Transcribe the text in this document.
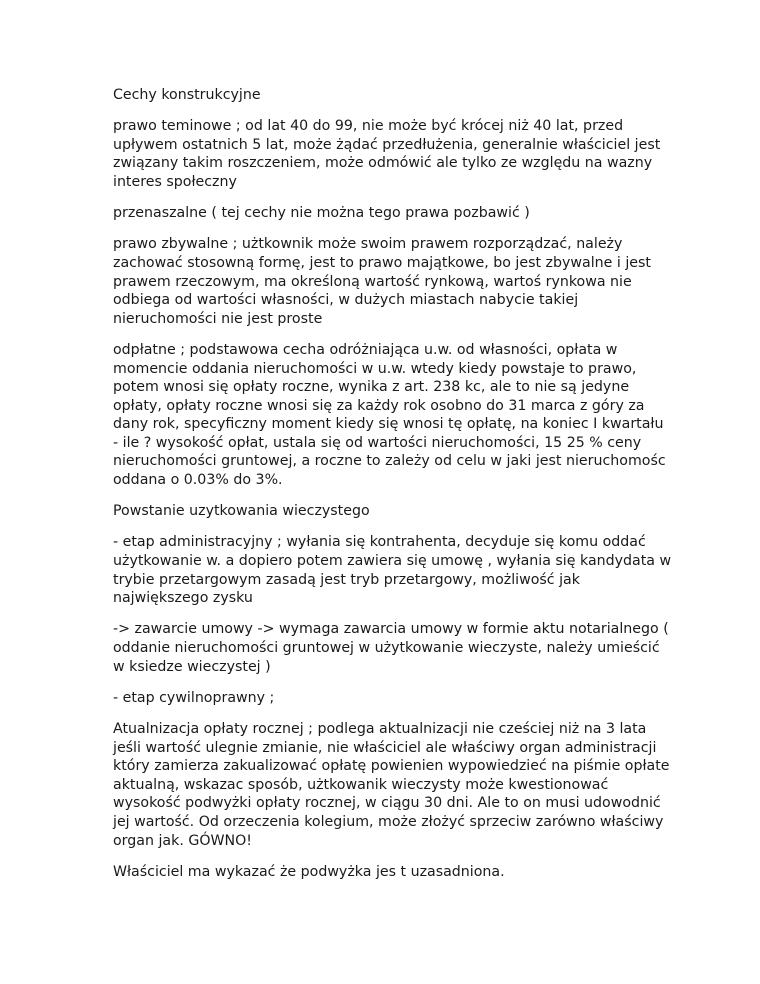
Cechy konstrukcyjne

prawo teminowe ; od lat 40 do 99, nie może być krócej niż 40 lat, przed upływem ostatnich 5 lat, może żądać przedłużenia, generalnie właściciel jest związany takim roszczeniem, może odmówić ale tylko ze względu na wazny interes społeczny

przenaszalne ( tej cechy nie można tego prawa pozbawić )

prawo zbywalne ; użtkownik może swoim prawem rozporządzać, należy zachować stosowną formę, jest to prawo majątkowe, bo jest zbywalne i jest prawem rzeczowym, ma określoną wartość rynkową, wartoś rynkowa nie odbiega od wartości własności, w dużych miastach nabycie takiej nieruchomości nie jest proste

odpłatne ; podstawowa cecha odróżniająca u.w. od własności, opłata w momencie oddania nieruchomości w u.w. wtedy kiedy powstaje to prawo, potem wnosi się opłaty roczne, wynika z art. 238 kc, ale to nie są jedyne opłaty, opłaty roczne wnosi się za każdy rok osobno do 31 marca z góry za dany rok, specyficzny moment kiedy się wnosi tę opłatę, na koniec I kwartału - ile ? wysokość opłat, ustala się od wartości nieruchomości, 15 25 % ceny nieruchomości gruntowej, a roczne to zależy od celu w jaki jest nieruchomośc oddana o 0.03% do 3%.

Powstanie uzytkowania wieczystego

- etap administracyjny ; wyłania się kontrahenta, decyduje się komu oddać użytkowanie w. a dopiero potem zawiera się umowę , wyłania się kandydata w trybie przetargowym zasadą jest tryb przetargowy, możliwość jak największego zysku

-> zawarcie umowy -> wymaga zawarcia umowy w formie aktu notarialnego ( oddanie nieruchomości gruntowej w użytkowanie wieczyste, należy umieścić w ksiedze wieczystej )

- etap cywilnoprawny ;

Atualnizacja opłaty rocznej ; podlega aktualnizacji nie cześciej niż na 3 lata jeśli wartość ulegnie zmianie, nie właściciel ale właściwy organ administracji który zamierza zakualizować opłatę powienien wypowiedzieć na piśmie opłate aktualną, wskazac sposób, użtkowanik wieczysty może kwestionować wysokość podwyżki opłaty rocznej, w ciągu 30 dni. Ale to on musi udowodnić jej wartość. Od orzeczenia kolegium, może złożyć sprzeciw zarówno właściwy organ jak. GÓWNO!

Właściciel ma wykazać że podwyżka jes t uzasadniona.
